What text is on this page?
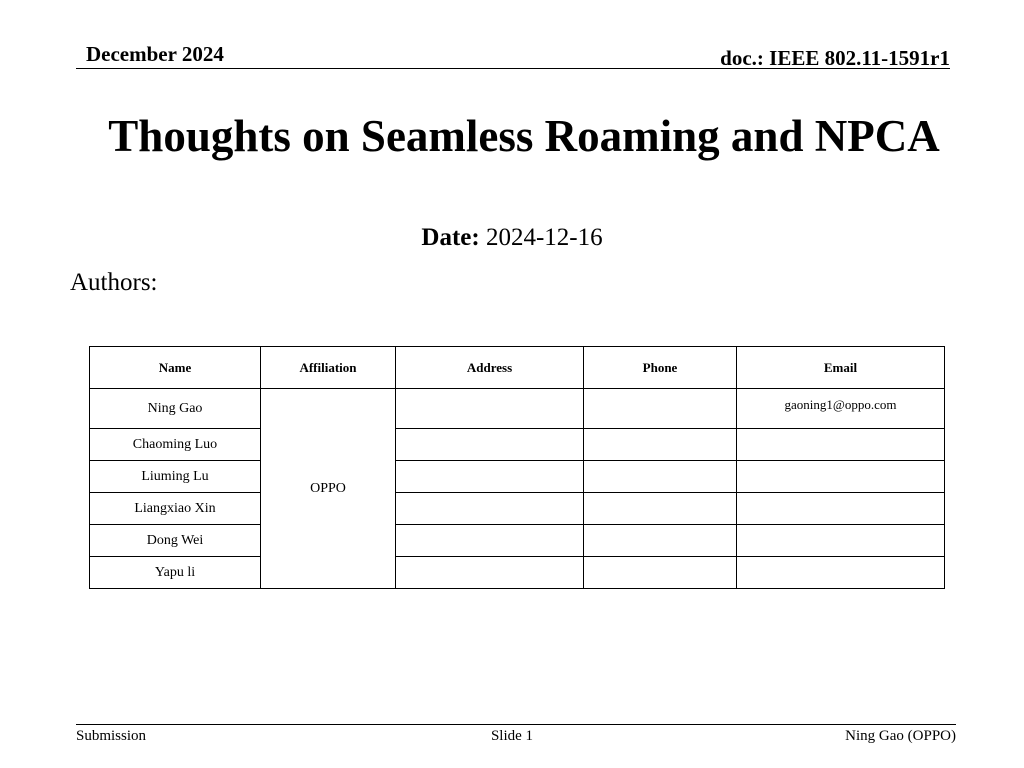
December 2024	doc.: IEEE 802.11-1591r1
Thoughts on Seamless Roaming and NPCA
Date: 2024-12-16
Authors:
Name	Affiliation	Address	Phone	Email
Ning Gao	OPPO			gaoning1@oppo.com
Chaoming Luo				
Liuming Lu				
Liangxiao Xin				
Dong Wei				
Yapu li				
Submission	Slide 1	Ning Gao (OPPO)
